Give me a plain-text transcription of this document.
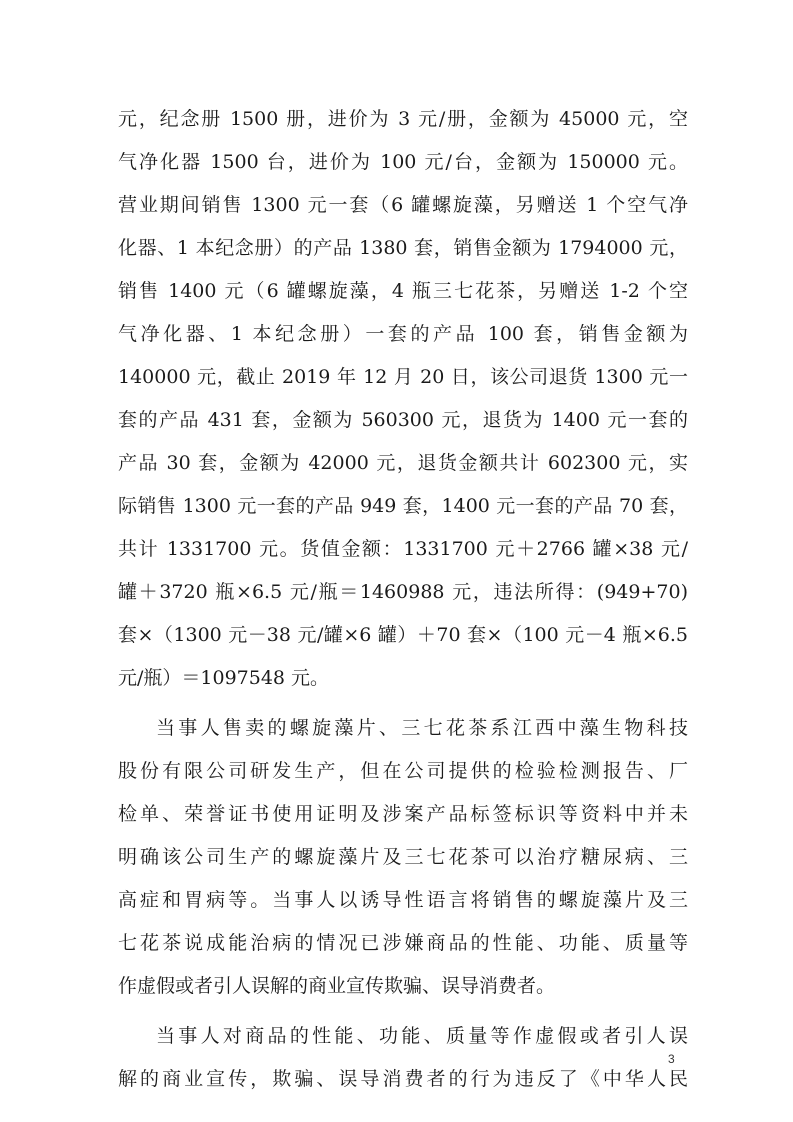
元，纪念册 1500 册，进价为 3 元/册，金额为 45000 元，空
气净化器 1500 台，进价为 100 元/台，金额为 150000 元。
营业期间销售 1300 元一套（6 罐螺旋藻，另赠送 1 个空气净
化器、1 本纪念册）的产品 1380 套，销售金额为 1794000 元，
销售 1400 元（6 罐螺旋藻，4 瓶三七花茶，另赠送 1-2 个空
气净化器、1 本纪念册）一套的产品 100 套，销售金额为
140000 元，截止 2019 年 12 月 20 日，该公司退货 1300 元一
套的产品 431 套，金额为 560300 元，退货为 1400 元一套的
产品 30 套，金额为 42000 元，退货金额共计 602300 元，实
际销售 1300 元一套的产品 949 套，1400 元一套的产品 70 套，
共计 1331700 元。货值金额：1331700 元＋2766 罐×38 元/
罐＋3720 瓶×6.5 元/瓶＝1460988 元，违法所得：(949+70)
套×（1300 元－38 元/罐×6 罐）＋70 套×（100 元－4 瓶×6.5
元/瓶）＝1097548 元。
当事人售卖的螺旋藻片、三七花茶系江西中藻生物科技
股份有限公司研发生产，但在公司提供的检验检测报告、厂
检单、荣誉证书使用证明及涉案产品标签标识等资料中并未
明确该公司生产的螺旋藻片及三七花茶可以治疗糖尿病、三
高症和胃病等。当事人以诱导性语言将销售的螺旋藻片及三
七花茶说成能治病的情况已涉嫌商品的性能、功能、质量等
作虚假或者引人误解的商业宣传欺骗、误导消费者。
当事人对商品的性能、功能、质量等作虚假或者引人误
解的商业宣传，欺骗、误导消费者的行为违反了《中华人民
3
